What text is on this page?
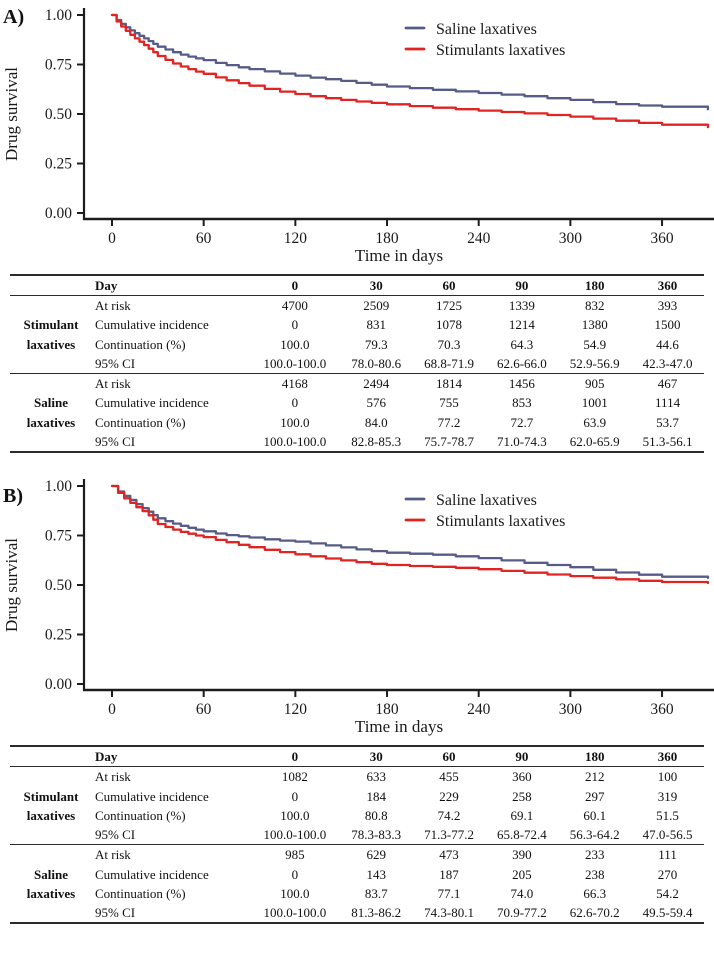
A) 1.00
0.75
0.50
0.25
0.00
0	60	120	180	240	300	360
Time in days
Drug survival
Saline laxatives
Stimulants laxatives
	Day	0	30	60	90	180	360

Stimulant
laxatives	At risk	4700	2509	1725	1339	832	393
	Cumulative incidence	0	831	1078	1214	1380	1500
	Continuation (%)	100.0	79.3	70.3	64.3	54.9	44.6
	95% CI	100.0-100.0	78.0-80.6	68.8-71.9	62.6-66.0	52.9-56.9	42.3-47.0

Saline
laxatives	At risk	4168	2494	1814	1456	905	467
	Cumulative incidence	0	576	755	853	1001	1114
	Continuation (%)	100.0	84.0	77.2	72.7	63.9	53.7
	95% CI	100.0-100.0	82.8-85.3	75.7-78.7	71.0-74.3	62.0-65.9	51.3-56.1
B) 1.00
0.75
0.50
0.25
0.00
0	60	120	180	240	300	360
Time in days
Drug survival
Saline laxatives
Stimulants laxatives
	Day	0	30	60	90	180	360

Stimulant
laxatives	At risk	1082	633	455	360	212	100
	Cumulative incidence	0	184	229	258	297	319
	Continuation (%)	100.0	80.8	74.2	69.1	60.1	51.5
	95% CI	100.0-100.0	78.3-83.3	71.3-77.2	65.8-72.4	56.3-64.2	47.0-56.5

Saline
laxatives	At risk	985	629	473	390	233	111
	Cumulative incidence	0	143	187	205	238	270
	Continuation (%)	100.0	83.7	77.1	74.0	66.3	54.2
	95% CI	100.0-100.0	81.3-86.2	74.3-80.1	70.9-77.2	62.6-70.2	49.5-59.4
